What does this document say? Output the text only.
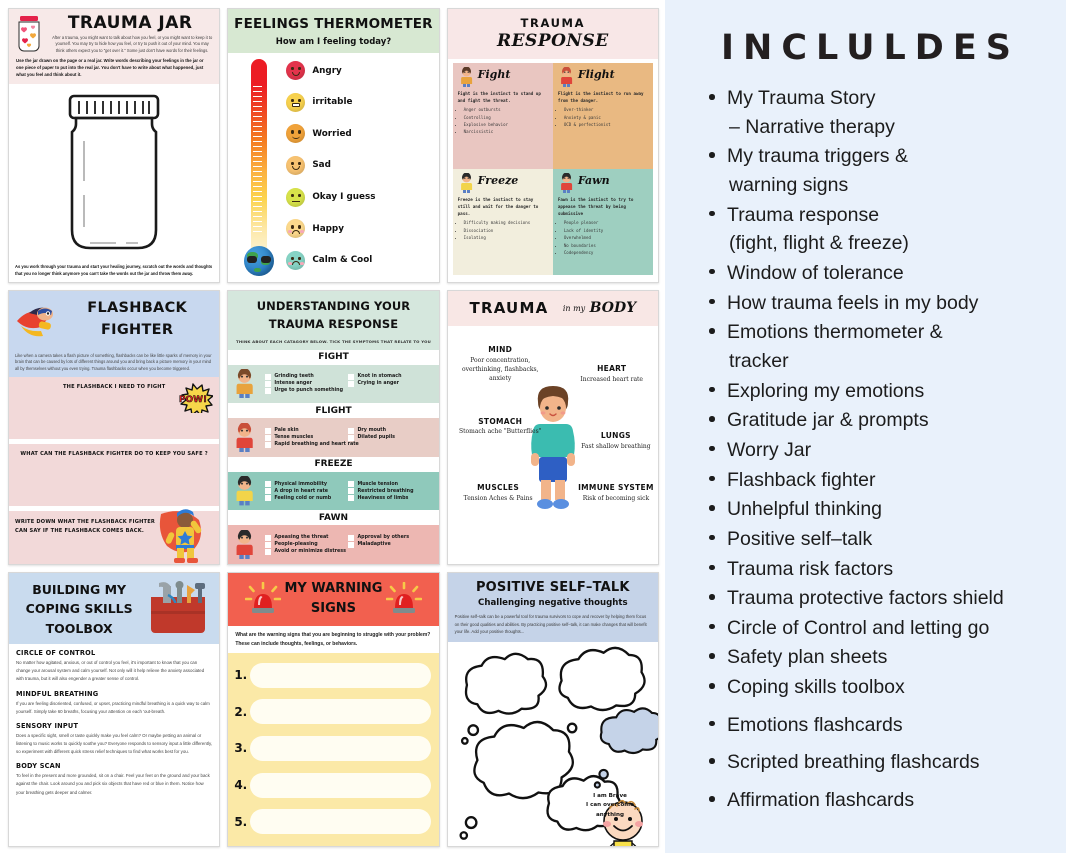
TRAUMA JAR
After a trauma, you might want to talk about how you feel, or you might want to keep it to yourself. You may try to hide how you feel, or try to push it out of your mind. You may think others expect you to "get over it." Some just don't have words for their feelings.
Use the jar drawn on the page or a real jar. Write words describing your feelings in the jar or one piece of paper to put into the real jar. You don't have to write about what happened, just what you feel and think about it.
As you work through your trauma and start your healing journey, scratch out the words and thoughts that you no longer think anymore you can't take the words out the jar and throw them away.
FEELINGS THERMOMETER
How am I feeling today?
Angry
irritable
Worried
Sad
Okay I guess
Happy
Calm & Cool
TRAUMA
RESPONSE
Fight
Fight is the instinct to stand up and fight the threat.
• Anger outbursts
• Controlling
• Explosive behavior
• Narcissistic
Flight
Flight is the instinct to run away from the danger.
• Over-thinker
• Anxiety & panic
• OCD & perfectionist
Freeze
Freeze is the instinct to stay still and wait for the danger to pass.
• Difficulty making decisions
• Dissociation
• Isolating
Fawn
Fawn is the instinct to try to appease the threat by being submissive
• People pleaser
• Lack of identity
• Overwhelmed
• No boundaries
• Codependency
FLASHBACK
FIGHTER
Like when a camera takes a flash picture of something, flashbacks can be like little sparks of memory in your brain that can be caused by lots of different things around you and bring back a picture memory in your mind all by themselves without you even trying. Trauma flashbacks occur when you become triggered.
THE FLASHBACK I NEED TO FIGHT
POW!
WHAT CAN THE FLASHBACK FIGHTER DO TO KEEP YOU SAFE ?
WRITE DOWN WHAT THE FLASHBACK FIGHTER
CAN SAY IF THE FLASHBACK COMES BACK.
UNDERSTANDING YOUR
TRAUMA RESPONSE
THINK ABOUT EACH CATAGORY BELOW. TICK THE SYMPTOMS THAT RELATE TO YOU
FIGHT
Grinding teeth	Knot in stomach
Intense anger	Crying in anger
Urge to punch something
FLIGHT
Pale skin	Dry mouth
Tense muscles	Dilated pupils
Rapid breathing and heart rate
FREEZE
Physical immobility	Muscle tension
A drop in heart rate	Restricted breathing
Feeling cold or numb	Heaviness of limbs
FAWN
Apeasing the threat	Approval by others
People-pleasing	Maladaptive
Avoid or minimize distress
TRAUMA in my BODY
MIND
Poor concentration, overthinking, flashbacks, anxiety
HEART
Increased heart rate
STOMACH
Stomach ache "Butterflies"	LUNGS
Fast shallow breathing
MUSCLES
Tension Aches & Pains
IMMUNE SYSTEM
Risk of becoming sick
BUILDING MY
COPING SKILLS
TOOLBOX
CIRCLE OF CONTROL
No matter how agitated, anxious, or out of control you feel, it's important to know that you can change your arousal system and calm yourself. Not only will it help relieve the anxiety associated with trauma, but it will also engender a greater sense of control.
MINDFUL BREATHING
If you are feeling disoriented, confused, or upset, practicing mindful breathing is a quick way to calm yourself. Simply take 60 breaths, focusing your attention on each 'out-breath.
SENSORY INPUT
Does a specific sight, smell or taste quickly make you feel calm? Or maybe petting an animal or listening to music works to quickly soothe you? Everyone responds to sensory input a little differently, so experiment with different quick stress relief techniques to find what works best for you.
BODY SCAN
To feel in the present and more grounded, sit on a chair. Feel your feet on the ground and your back against the chair. Look around you and pick six objects that have red or blue in them. Notice how your breathing gets deeper and calmer.
MY WARNING
SIGNS
What are the warning signs that you are beginning to struggle with your problem? These can include thoughts, feelings, or behaviors.
1.
2.
3.
4.
5.
POSITIVE SELF–TALK
Challenging negative thoughts
Positive self–talk can be a powerful tool for trauma survivors to cope and recover by helping them focus on their good qualities and abilities. By practicing positive self–talk, it can make changes that will benefit your life. Add your positive thoughts...
I am Brave
I can overcome
anything
INCLULDES
My Trauma Story
– Narrative therapy
My trauma triggers &
warning signs
Trauma response
(fight, flight & freeze)
Window of tolerance
How trauma feels in my body
Emotions thermometer &
tracker
Exploring my emotions
Gratitude jar & prompts
Worry Jar
Flashback fighter
Unhelpful thinking
Positive self–talk
Trauma risk factors
Trauma protective factors shield
Circle of Control and letting go
Safety plan sheets
Coping skills toolbox
Emotions flashcards
Scripted breathing flashcards
Affirmation flashcards
